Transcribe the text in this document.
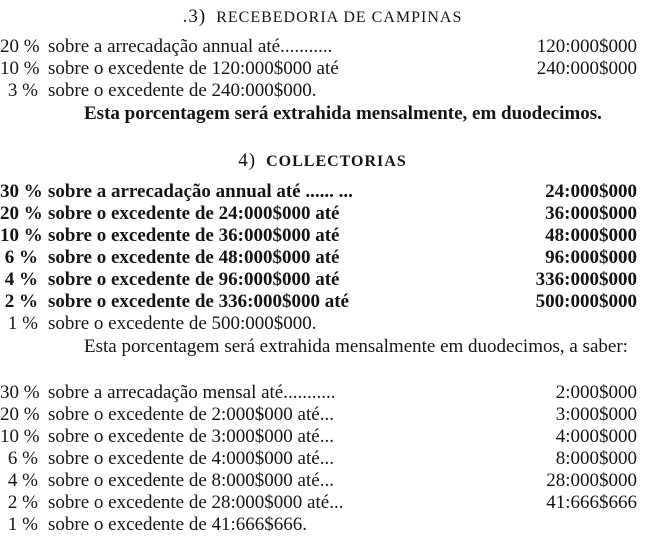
.3) RECEBEDORIA DE CAMPINAS
20 % sobre a arrecadação annual até...........	120:000$000
10 % sobre o excedente de 120:000$000 até	240:000$000
3 % sobre o excedente de 240:000$000.
Esta porcentagem será extrahida mensalmente, em duodecimos.
4) COLLECTORIAS
30 % sobre a arrecadação annual até ...... ...	24:000$000
20 % sobre o excedente de 24:000$000 até	36:000$000
10 % sobre o excedente de 36:000$000 até	48:000$000
6 % sobre o excedente de 48:000$000 até	96:000$000
4 % sobre o excedente de 96:000$000 até	336:000$000
2 % sobre o excedente de 336:000$000 até	500:000$000
1 % sobre o excedente de 500:000$000.
Esta porcentagem será extrahida mensalmente em duodecimos, a saber:
30 % sobre a arrecadação mensal até...........	2:000$000
20 % sobre o excedente de 2:000$000 até...	3:000$000
10 % sobre o excedente de 3:000$000 até...	4:000$000
6 % sobre o excedente de 4:000$000 até...	8:000$000
4 % sobre o excedente de 8:000$000 até...	28:000$000
2 % sobre o excedente de 28:000$000 até...	41:666$666
1 % sobre o excedente de 41:666$666.
